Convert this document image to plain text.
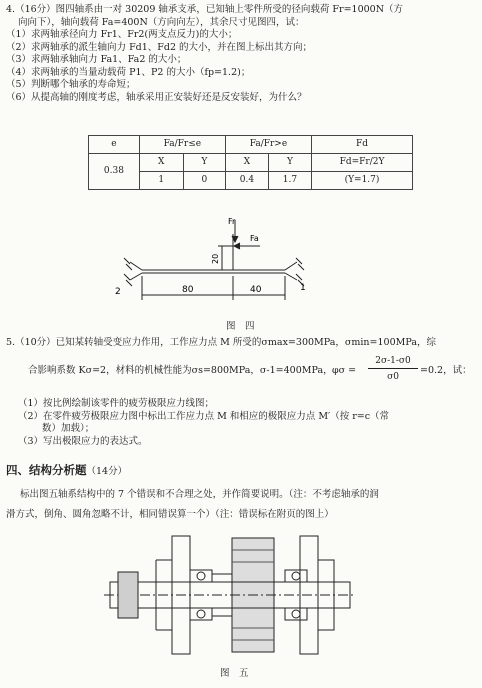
4.（16分）图四轴系由一对 30209 轴承支承，已知轴上零件所受的径向载荷 Fr=1000N（方
向向下），轴向载荷 Fa=400N（方向向左），其余尺寸见图四，试：
（1）求两轴承径向力 Fr1、Fr2(两支点反力)的大小；
（2）求两轴承的派生轴向力 Fd1、Fd2 的大小，并在图上标出其方向；
（3）求两轴承轴向力 Fa1、Fa2 的大小；
（4）求两轴承的当量动载荷 P1、P2 的大小（fp=1.2)；
（5）判断哪个轴承的寿命短；
（6）从提高轴的刚度考虑，轴承采用正安装好还是反安装好，为什么？
e	Fa/Fr≤e		Fa/Fr>e		Fd
0.38	X	Y	X	Y	Fd=Fr/2Y
	1	0	0.4	1.7	(Y=1.7)
Fr
Fa
20
80	40
2	1
图　四
5.（10分）已知某转轴受变应力作用，工作应力点 M 所受的σmax=300MPa，σmin=100MPa，综
合影响系数 Kσ=2，材料的机械性能为σs=800MPa，σ-1=400MPa， φσ =
2σ-1-σ0
σ0
=0.2，试：
（1）按比例绘制该零件的疲劳极限应力线图；
（2）在零件疲劳极限应力图中标出工作应力点 M 和相应的极限应力点 M′（按 r=c（常
数）加载）；
（3）写出极限应力的表达式。
四、结构分析题（14分）
标出图五轴系结构中的 7 个错误和不合理之处，并作简要说明。（注：不考虑轴承的润
滑方式，倒角、圆角忽略不计，相同错误算一个）（注：错误标在附页的图上）
图　五
